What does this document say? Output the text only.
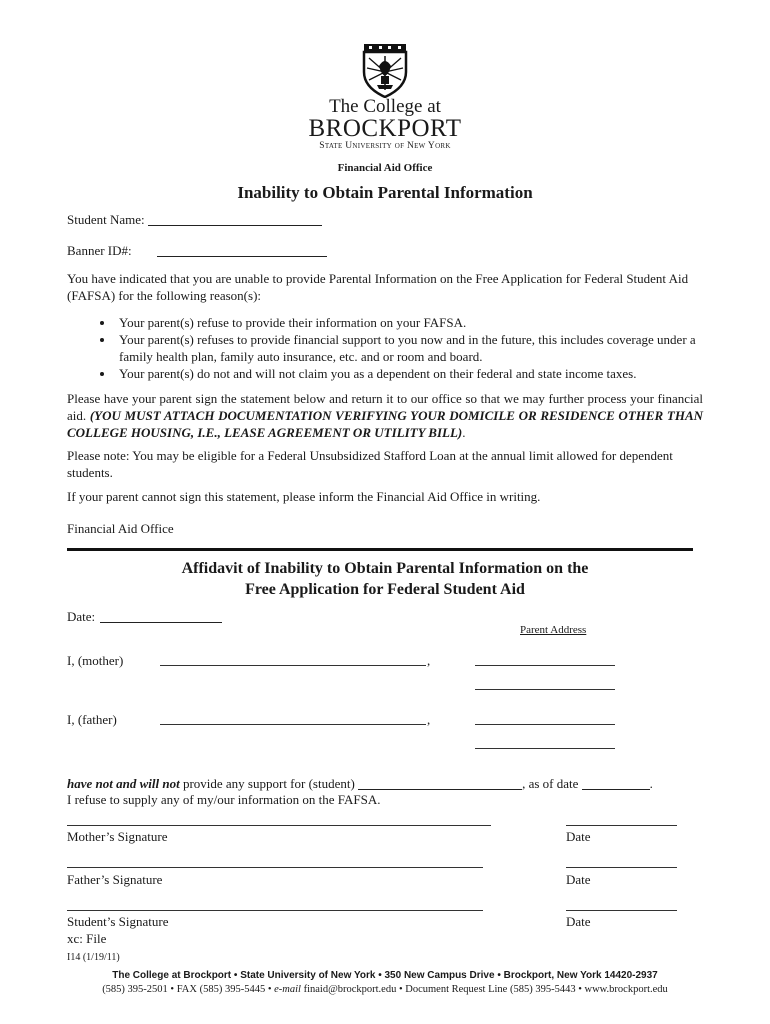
The College at
BROCKPORT
State University of New York
Financial Aid Office
Inability to Obtain Parental Information
Student Name:
Banner ID#:
You have indicated that you are unable to provide Parental Information on the Free Application for Federal Student Aid (FAFSA) for the following reason(s):
• Your parent(s) refuse to provide their information on your FAFSA.
• Your parent(s) refuses to provide financial support to you now and in the future, this includes coverage under a family health plan, family auto insurance, etc. and or room and board.
• Your parent(s) do not and will not claim you as a dependent on their federal and state income taxes.
Please have your parent sign the statement below and return it to our office so that we may further process your financial aid. (YOU MUST ATTACH DOCUMENTATION VERIFYING YOUR DOMICILE OR RESIDENCE OTHER THAN COLLEGE HOUSING, I.E., LEASE AGREEMENT OR UTILITY BILL).
Please note: You may be eligible for a Federal Unsubsidized Stafford Loan at the annual limit allowed for dependent students.
If your parent cannot sign this statement, please inform the Financial Aid Office in writing.
Financial Aid Office
Affidavit of Inability to Obtain Parental Information on the
Free Application for Federal Student Aid
Date:
Parent Address
I, (mother)	,
I, (father)	,
have not and will not provide any support for (student)	, as of date	.
I refuse to supply any of my/our information on the FAFSA.
Mother’s Signature	Date
Father’s Signature	Date
Student’s Signature	Date
xc: File
I14 (1/19/11)
The College at Brockport • State University of New York • 350 New Campus Drive • Brockport, New York 14420-2937
(585) 395-2501 • FAX (585) 395-5445 • e-mail finaid@brockport.edu • Document Request Line (585) 395-5443 • www.brockport.edu
